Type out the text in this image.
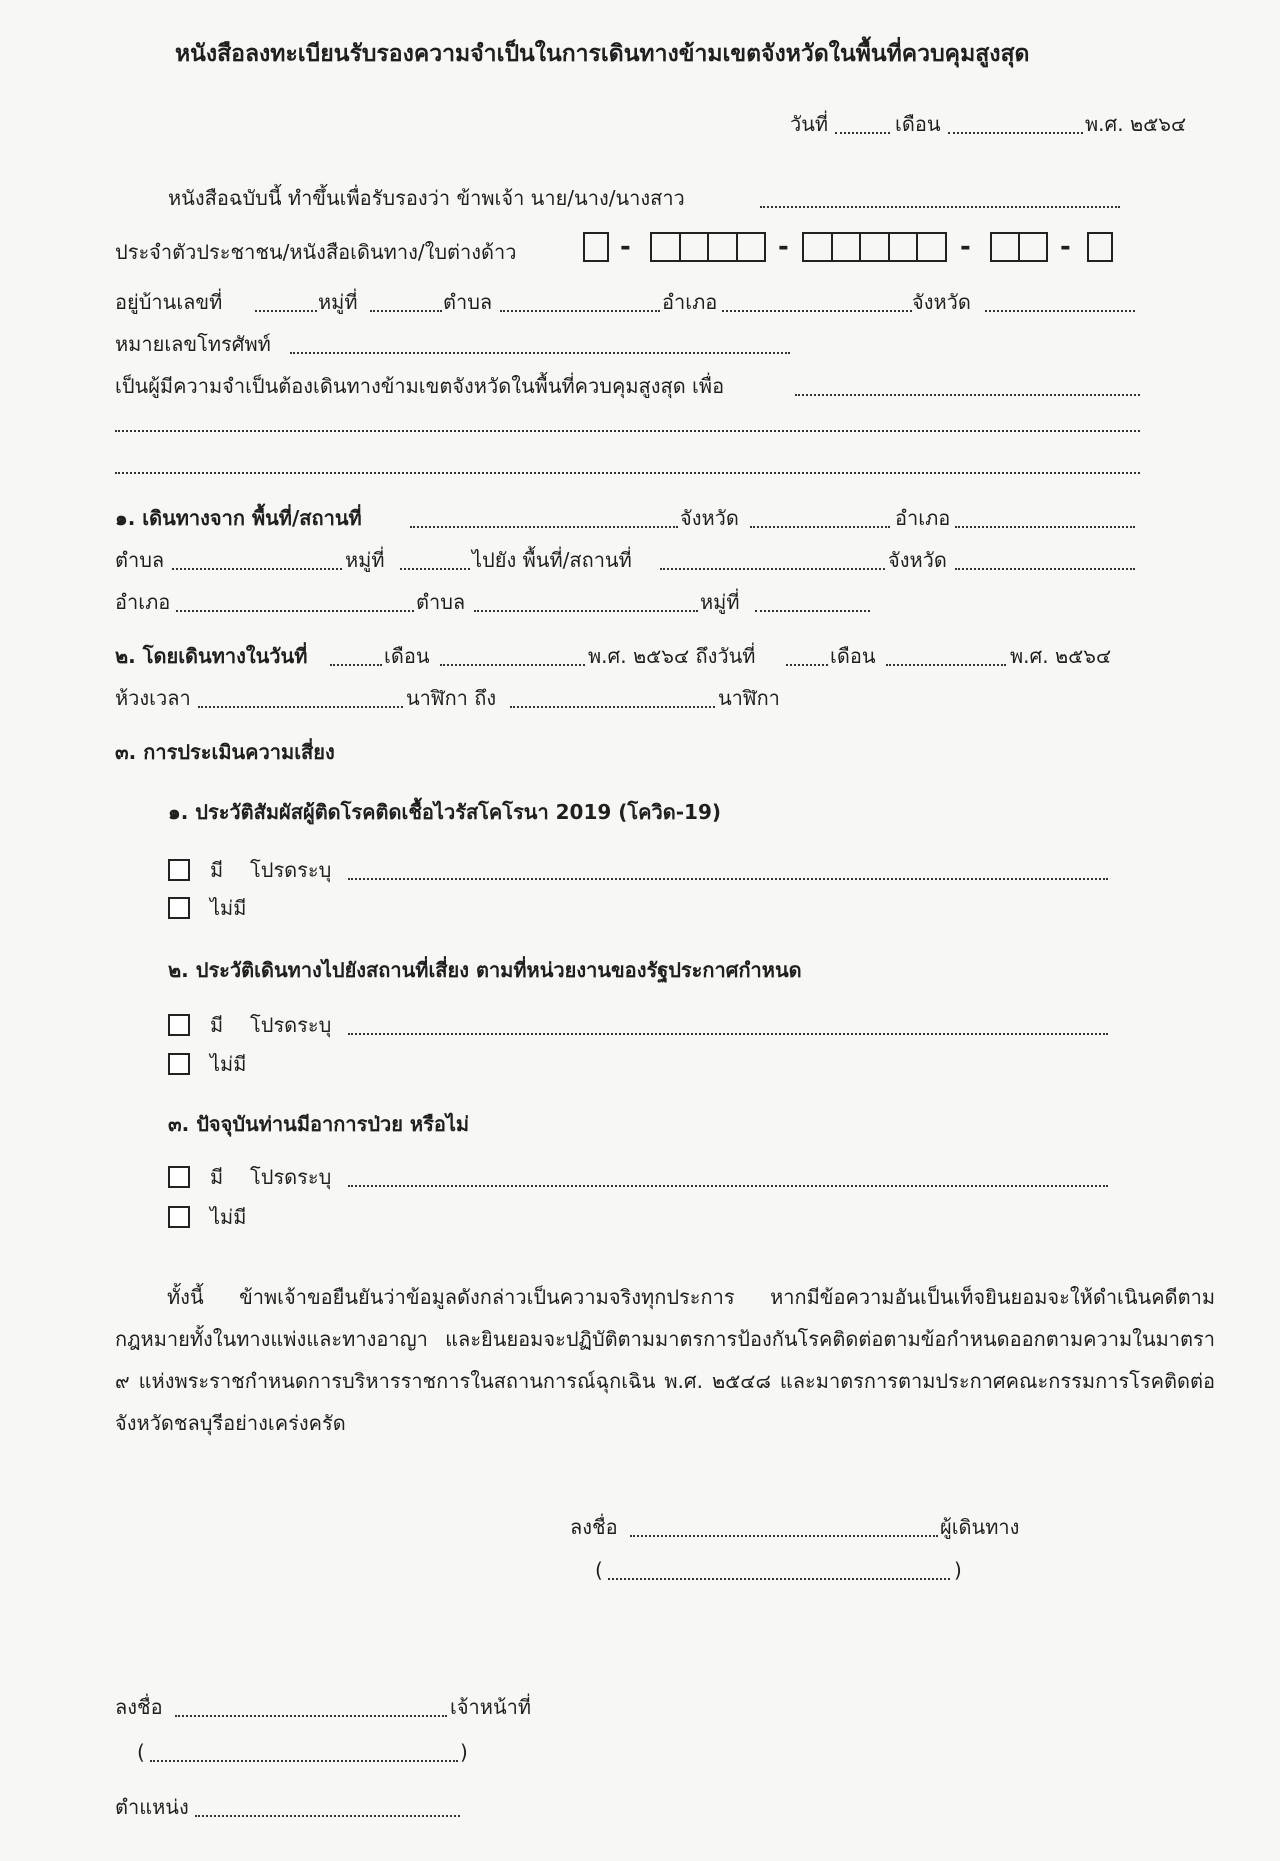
หนังสือลงทะเบียนรับรองความจำเป็นในการเดินทางข้ามเขตจังหวัดในพื้นที่ควบคุมสูงสุด
วันที่	เดือน	พ.ศ. ๒๕๖๔
หนังสือฉบับนี้ ทำขึ้นเพื่อรับรองว่า ข้าพเจ้า นาย/นาง/นางสาว
ประจำตัวประชาชน/หนังสือเดินทาง/ใบต่างด้าว	-	-	-	-
อยู่บ้านเลขที่	หมู่ที่	ตำบล	อำเภอ	จังหวัด
หมายเลขโทรศัพท์
เป็นผู้มีความจำเป็นต้องเดินทางข้ามเขตจังหวัดในพื้นที่ควบคุมสูงสุด เพื่อ
๑. เดินทางจาก พื้นที่/สถานที่	จังหวัด	อำเภอ
ตำบล	หมู่ที่	ไปยัง พื้นที่/สถานที่	จังหวัด
อำเภอ	ตำบล	หมู่ที่
๒. โดยเดินทางในวันที่	เดือน	พ.ศ. ๒๕๖๔ ถึงวันที่	เดือน	พ.ศ. ๒๕๖๔
ห้วงเวลา	นาฬิกา ถึง	นาฬิกา
๓. การประเมินความเสี่ยง
๑. ประวัติสัมผัสผู้ติดโรคติดเชื้อไวรัสโคโรนา 2019 (โควิด-19)
มี โปรดระบุ
ไม่มี
๒. ประวัติเดินทางไปยังสถานที่เสี่ยง ตามที่หน่วยงานของรัฐประกาศกำหนด
มี โปรดระบุ
ไม่มี
๓. ปัจจุบันท่านมีอาการป่วย หรือไม่
มี โปรดระบุ
ไม่มี
ทั้งนี้ ข้าพเจ้าขอยืนยันว่าข้อมูลดังกล่าวเป็นความจริงทุกประการ หากมีข้อความอันเป็นเท็จยินยอมจะให้ดำเนินคดีตามกฎหมายทั้งในทางแพ่งและทางอาญา และยินยอมจะปฏิบัติตามมาตรการป้องกันโรคติดต่อตามข้อกำหนดออกตามความในมาตรา ๙ แห่งพระราชกำหนดการบริหารราชการในสถานการณ์ฉุกเฉิน พ.ศ. ๒๕๔๘ และมาตรการตามประกาศคณะกรรมการโรคติดต่อจังหวัดชลบุรีอย่างเคร่งครัด
ลงชื่อ	ผู้เดินทาง
(	)
ลงชื่อ	เจ้าหน้าที่
(	)
ตำแหน่ง
